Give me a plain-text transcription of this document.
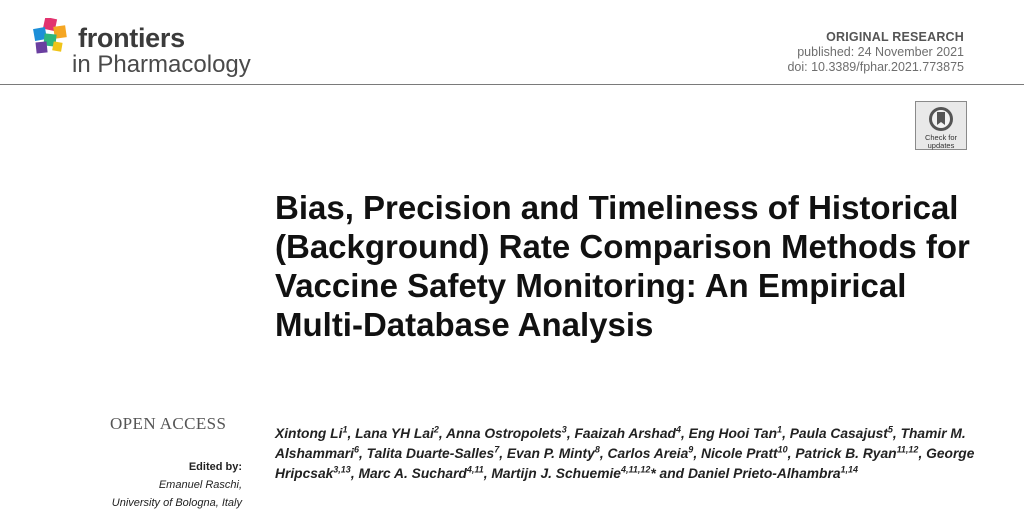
frontiers
in Pharmacology
ORIGINAL RESEARCH
published: 24 November 2021
doi: 10.3389/fphar.2021.773875
Check for
updates
Bias, Precision and Timeliness of Historical (Background) Rate Comparison Methods for Vaccine Safety Monitoring: An Empirical Multi-Database Analysis
OPEN ACCESS
Edited by:
Emanuel Raschi,
University of Bologna, Italy
Xintong Li$^1$, Lana YH Lai$^2$, Anna Ostropolets$^3$, Faaizah Arshad$^4$, Eng Hooi Tan$^1$, Paula Casajust$^5$, Thamir M. Alshammari$^6$, Talita Duarte-Salles$^7$, Evan P. Minty$^8$, Carlos Areia$^9$, Nicole Pratt$^{10}$, Patrick B. Ryan$^{11,12}$, George Hripcsak$^{3,13}$, Marc A. Suchard$^{4,11}$, Martijn J. Schuemie$^{4,11,12}$* and Daniel Prieto-Alhambra$^{1,14}$
